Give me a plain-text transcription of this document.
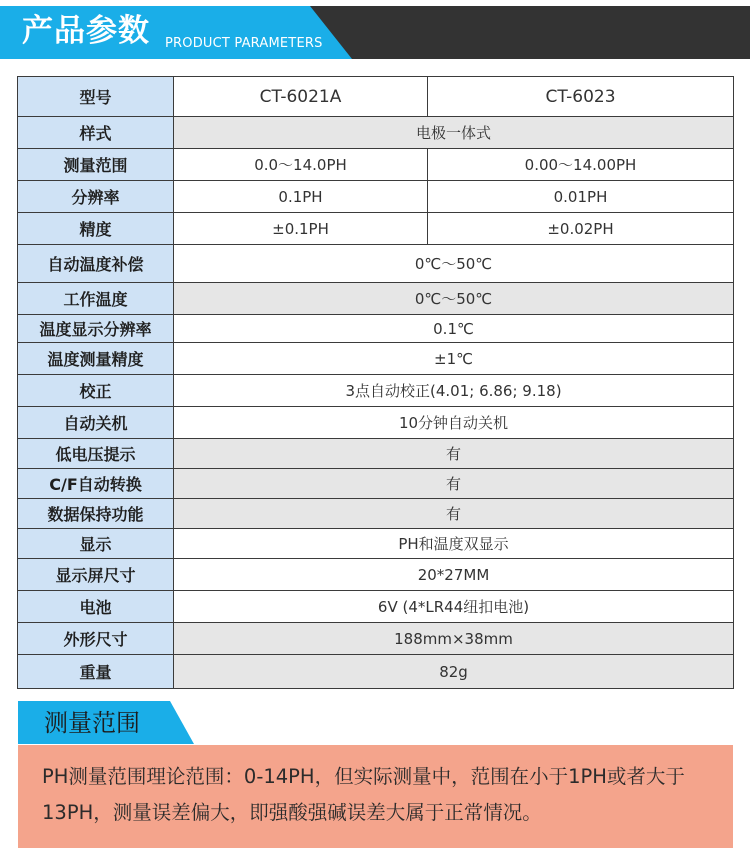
产品参数 PRODUCT PARAMETERS
型号	CT-6021A	CT-6023
样式	电极一体式	
测量范围	0.0～14.0PH	0.00～14.00PH
分辨率	0.1PH	0.01PH
精度	±0.1PH	±0.02PH
自动温度补偿	0℃～50℃	
工作温度	0℃～50℃	
温度显示分辨率	0.1℃	
温度测量精度	±1℃	
校正	3点自动校正(4.01; 6.86; 9.18)	
自动关机	10分钟自动关机	
低电压提示	有	
C/F自动转换	有	
数据保持功能	有	
显示	PH和温度双显示	
显示屏尺寸	20*27MM	
电池	6V (4*LR44纽扣电池)	
外形尺寸	188mm×38mm	
重量	82g	
测量范围
PH测量范围理论范围：0-14PH，但实际测量中，范围在小于1PH或者大于13PH，测量误差偏大，即强酸强碱误差大属于正常情况。
